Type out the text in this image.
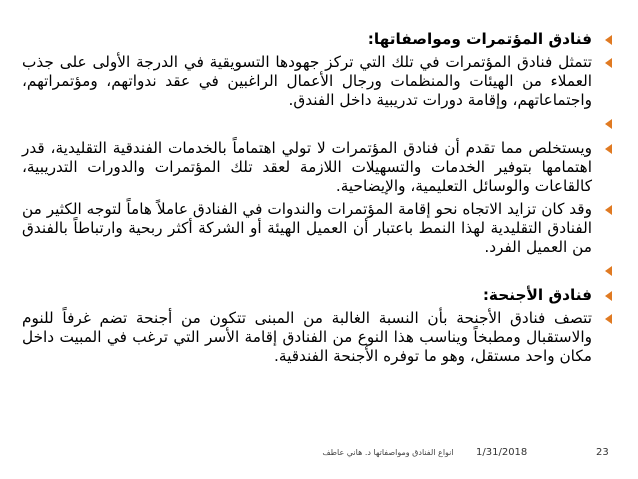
فنادق المؤتمرات ومواصفاتها:

تتمثل فنادق المؤتمرات في تلك التي تركز جهودها التسويقية في الدرجة الأولى على جذب العملاء من الهيئات والمنظمات ورجال الأعمال الراغبين في عقد ندواتهم، ومؤتمراتهم، واجتماعاتهم، وإقامة دورات تدريبية داخل الفندق.

ويستخلص مما تقدم أن فنادق المؤتمرات لا تولي اهتماماً بالخدمات الفندقية التقليدية، قدر اهتمامها بتوفير الخدمات والتسهيلات اللازمة لعقد تلك المؤتمرات والدورات التدريبية، كالقاعات والوسائل التعليمية، والإيضاحية.

وقد كان تزايد الاتجاه نحو إقامة المؤتمرات والندوات في الفنادق عاملاً هاماً لتوجه الكثير من الفنادق التقليدية لهذا النمط باعتبار أن العميل الهيئة أو الشركة أكثر ربحية وارتباطاً بالفندق من العميل الفرد.

فنادق الأجنحة:

تتصف فنادق الأجنحة بأن النسبة الغالبة من المبنى تتكون من أجنحة تضم غرفاً للنوم والاستقبال ومطبخاً ويناسب هذا النوع من الفنادق إقامة الأسر التي ترغب في المبيت داخل مكان واحد مستقل، وهو ما توفره الأجنحة الفندقية.

انواع الفنادق ومواصفاتها د. هاني عاطف	1/31/2018	23
